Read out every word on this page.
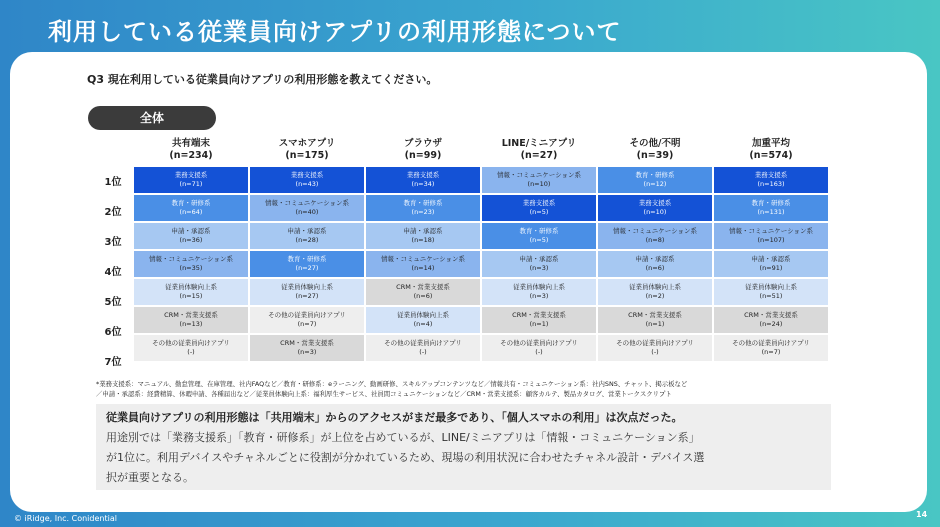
利用している従業員向けアプリの利用形態について
Q3 現在利用している従業員向けアプリの利用形態を教えてください。
全体
1位
2位
3位
4位
5位
6位
7位
共有端末
(n=234)
スマホアプリ
(n=175)
ブラウザ
(n=99)
LINE/ミニアプリ
(n=27)
その他/不明
(n=39)
加重平均
(n=574)
業務支援系
(n=71)
業務支援系
(n=43)
業務支援系
(n=34)
情報・コミュニケーション系
(n=10)
教育・研修系
(n=12)
業務支援系
(n=163)
教育・研修系
(n=64)
情報・コミュニケーション系
(n=40)
教育・研修系
(n=23)
業務支援系
(n=5)
業務支援系
(n=10)
教育・研修系
(n=131)
申請・承認系
(n=36)
申請・承認系
(n=28)
申請・承認系
(n=18)
教育・研修系
(n=5)
情報・コミュニケーション系
(n=8)
情報・コミュニケーション系
(n=107)
情報・コミュニケーション系
(n=35)
教育・研修系
(n=27)
情報・コミュニケーション系
(n=14)
申請・承認系
(n=3)
申請・承認系
(n=6)
申請・承認系
(n=91)
従業員体験向上系
(n=15)
従業員体験向上系
(n=27)
CRM・営業支援系
(n=6)
従業員体験向上系
(n=3)
従業員体験向上系
(n=2)
従業員体験向上系
(n=51)
CRM・営業支援系
(n=13)
その他の従業員向けアプリ
(n=7)
従業員体験向上系
(n=4)
CRM・営業支援系
(n=1)
CRM・営業支援系
(n=1)
CRM・営業支援系
(n=24)
その他の従業員向けアプリ
(-)
CRM・営業支援系
(n=3)
その他の従業員向けアプリ
(-)
その他の従業員向けアプリ
(-)
その他の従業員向けアプリ
(-)
その他の従業員向けアプリ
(n=7)
*業務支援系：マニュアル、勤怠管理、在庫管理、社内FAQなど／教育・研修系：eラーニング、動画研修、スキルアップコンテンツなど／情報共有・コミュニケーション系：社内SNS、チャット、掲示板など
／申請・承認系：経費精算、休暇申請、各種届出など／従業員体験向上系：福利厚生サービス、社員間コミュニケーションなど／CRM・営業支援系：顧客カルテ、製品カタログ、営業トークスクリプト
従業員向けアプリの利用形態は「共用端末」からのアクセスがまだ最多であり、「個人スマホの利用」は次点だった。
用途別では「業務支援系」「教育・研修系」が上位を占めているが、LINE/ミニアプリは「情報・コミュニケーション系」
が1位に。利用デバイスやチャネルごとに役割が分かれているため、現場の利用状況に合わせたチャネル設計・デバイス選
択が重要となる。
© iRidge, Inc. Conidential	14
